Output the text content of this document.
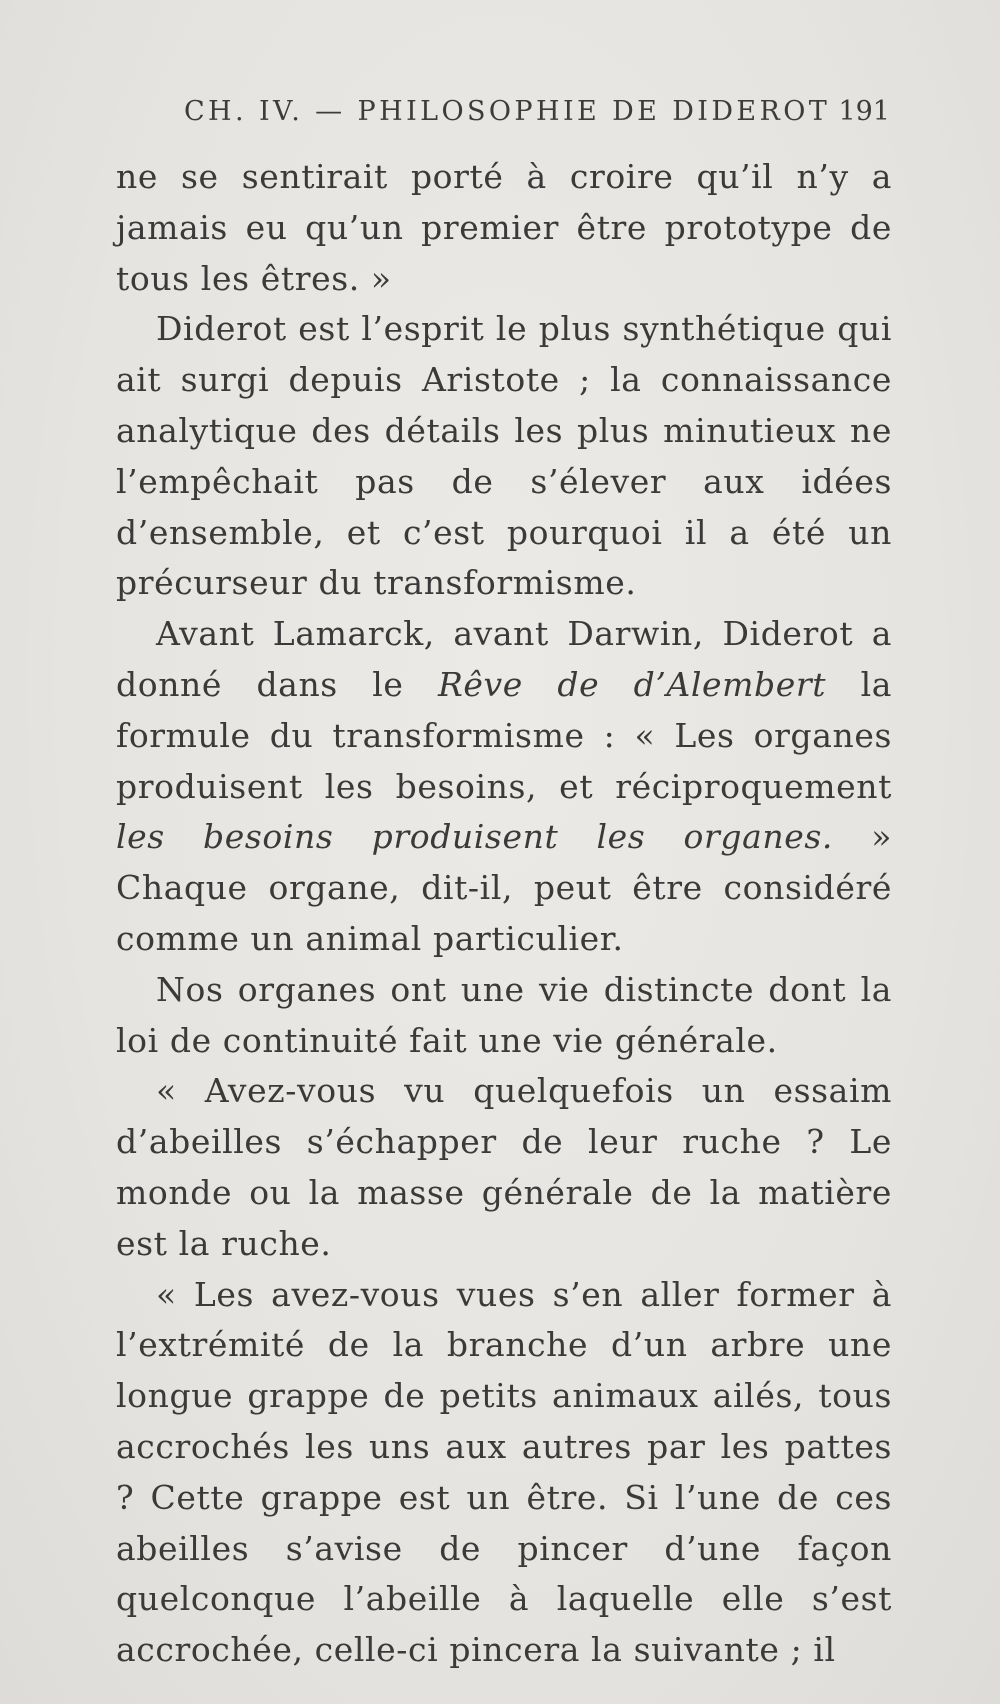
CH. IV. — PHILOSOPHIE DE DIDEROT 191

ne se sentirait porté à croire qu’il n’y a jamais eu qu’un premier être prototype de tous les êtres. »

Diderot est l’esprit le plus synthétique qui ait surgi depuis Aristote ; la connaissance analytique des détails les plus minutieux ne l’empêchait pas de s’élever aux idées d’ensemble, et c’est pourquoi il a été un précurseur du transformisme.

Avant Lamarck, avant Darwin, Diderot a donné dans le Rêve de d’Alembert la formule du transformisme : « Les organes produisent les besoins, et réciproquement les besoins produisent les organes. » Chaque organe, dit-il, peut être considéré comme un animal particulier.

Nos organes ont une vie distincte dont la loi de continuité fait une vie générale.

« Avez-vous vu quelquefois un essaim d’abeilles s’échapper de leur ruche ? Le monde ou la masse générale de la matière est la ruche.

« Les avez-vous vues s’en aller former à l’extrémité de la branche d’un arbre une longue grappe de petits animaux ailés, tous accrochés les uns aux autres par les pattes ? Cette grappe est un être. Si l’une de ces abeilles s’avise de pincer d’une façon quelconque l’abeille à laquelle elle s’est accrochée, celle-ci pincera la suivante ; il
